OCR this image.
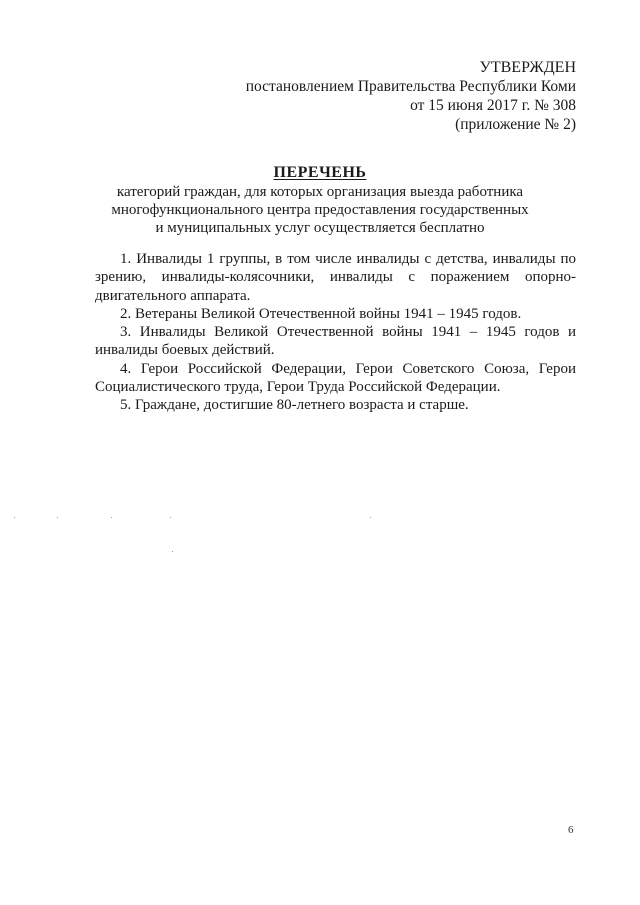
УТВЕРЖДЕН
постановлением Правительства Республики Коми
от 15 июня 2017 г. № 308
(приложение № 2)
ПЕРЕЧЕНЬ
категорий граждан, для которых организация выезда работника
многофункционального центра предоставления государственных
и муниципальных услуг осуществляется бесплатно

1. Инвалиды 1 группы, в том числе инвалиды с детства, инвалиды по зрению, инвалиды-колясочники, инвалиды с поражением опорно-двигательного аппарата.

2. Ветераны Великой Отечественной войны 1941 – 1945 годов.

3. Инвалиды Великой Отечественной войны 1941 – 1945 годов и инвалиды боевых действий.

4. Герои Российской Федерации, Герои Советского Союза, Герои Социалистического труда, Герои Труда Российской Федерации.

5. Граждане, достигшие 80-летнего возраста и старше.

6
